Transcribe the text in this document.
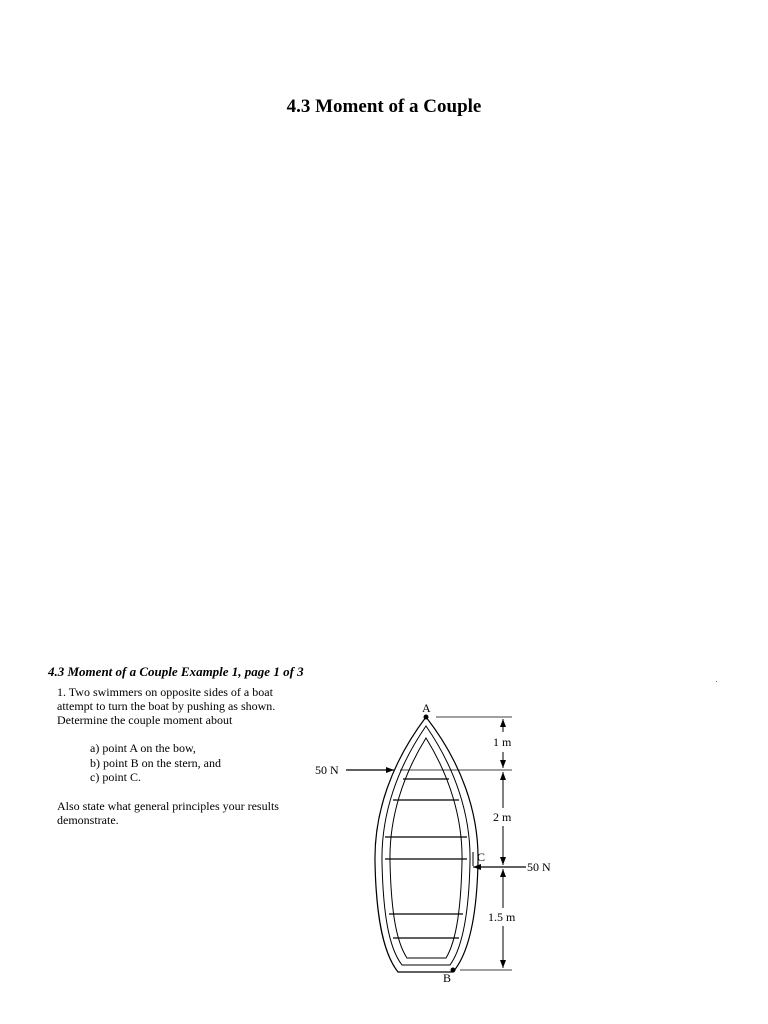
4.3 Moment of a Couple
4.3 Moment of a Couple Example 1, page 1 of 3

1. Two swimmers on opposite sides of a boat

attempt to turn the boat by pushing as shown.

Determine the couple moment about

a) point A on the bow,
b) point B on the stern, and
c) point C.

Also state what general principles your results

demonstrate.

A
B
C
50 N
50 N
1 m
2 m
1.5 m
